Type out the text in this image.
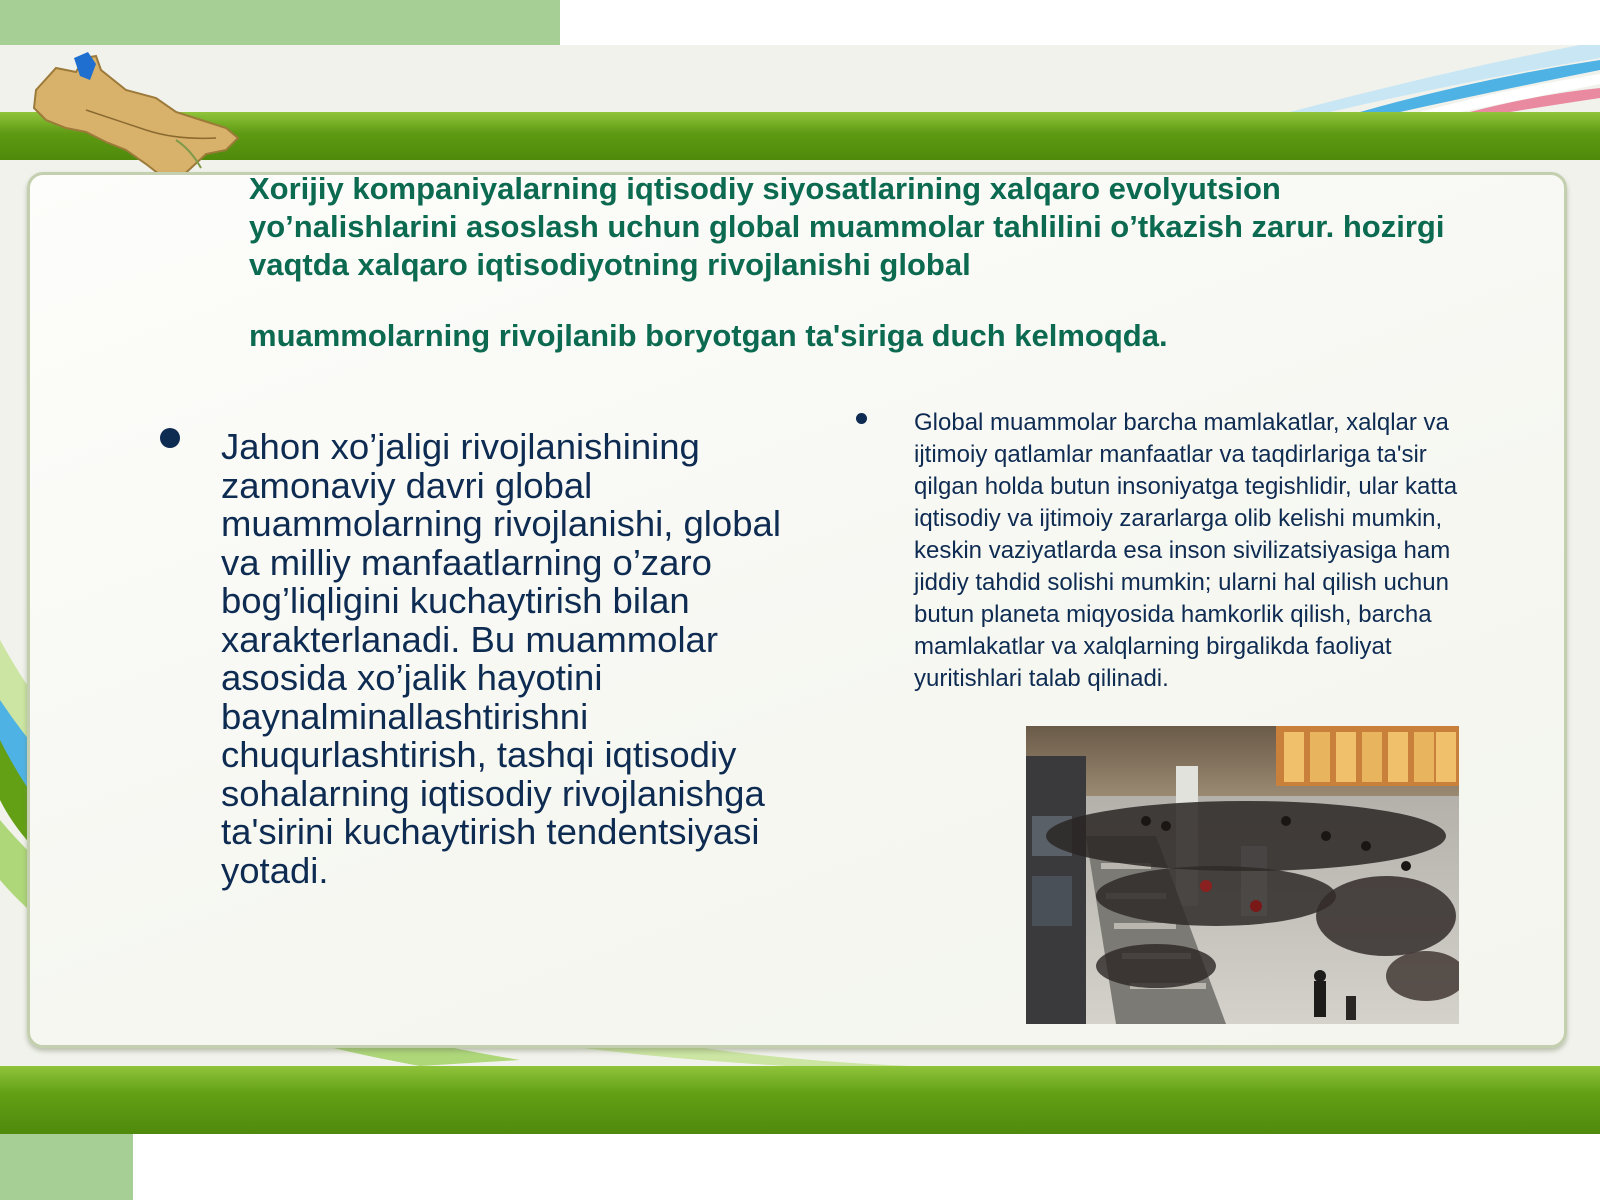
Xorijiy kompaniyalarning iqtisodiy siyosatlarining xalqaro evolyutsion yo’nalishlarini asoslash uchun global muammolar tahlilini o’tkazish zarur. hozirgi vaqtda xalqaro iqtisodiyotning rivojlanishi global

muammolarning rivojlanib boryotgan ta'siriga duch kelmoqda.

Jahon xo’jaligi rivojlanishining zamonaviy davri global muammolarning rivojlanishi, global va milliy manfaatlarning o’zaro bog’liqligini kuchaytirish bilan xarakterlanadi. Bu muammolar asosida xo’jalik hayotini baynalminallashtirishni chuqurlashtirish, tashqi iqtisodiy sohalarning iqtisodiy rivojlanishga ta'sirini kuchaytirish tendentsiyasi yotadi.

Global muammolar barcha mamlakatlar, xalqlar va ijtimoiy qatlamlar manfaatlar va taqdirlariga ta'sir qilgan holda butun insoniyatga tegishlidir, ular katta iqtisodiy va ijtimoiy zararlarga olib kelishi mumkin, keskin vaziyatlarda esa inson sivilizatsiyasiga ham jiddiy tahdid solishi mumkin; ularni hal qilish uchun butun planeta miqyosida hamkorlik qilish, barcha mamlakatlar va xalqlarning birgalikda faoliyat yuritishlari talab qilinadi.
